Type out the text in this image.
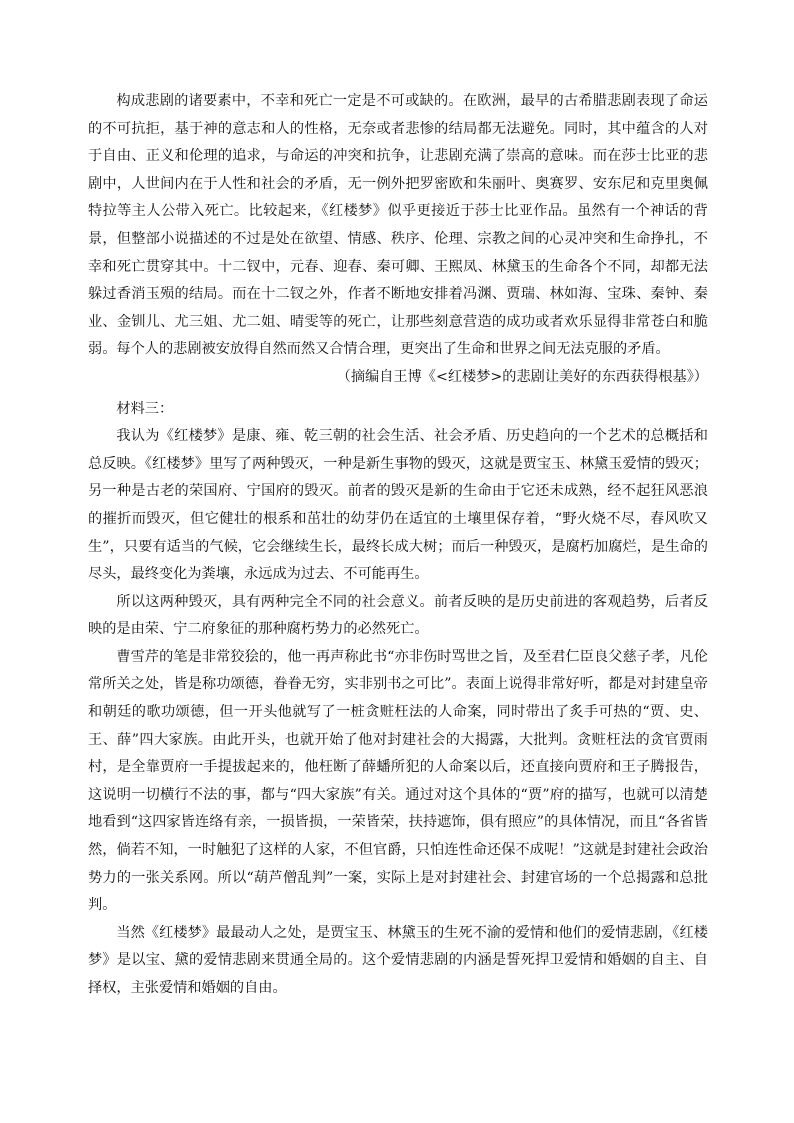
构成悲剧的诸要素中，不幸和死亡一定是不可或缺的。在欧洲，最早的古希腊悲剧表现了命运的不可抗拒，基于神的意志和人的性格，无奈或者悲惨的结局都无法避免。同时，其中蕴含的人对于自由、正义和伦理的追求，与命运的冲突和抗争，让悲剧充满了崇高的意味。而在莎士比亚的悲剧中，人世间内在于人性和社会的矛盾，无一例外把罗密欧和朱丽叶、奥赛罗、安东尼和克里奥佩特拉等主人公带入死亡。比较起来，《红楼梦》似乎更接近于莎士比亚作品。虽然有一个神话的背景，但整部小说描述的不过是处在欲望、情感、秩序、伦理、宗教之间的心灵冲突和生命挣扎，不幸和死亡贯穿其中。十二钗中，元春、迎春、秦可卿、王熙凤、林黛玉的生命各个不同，却都无法躲过香消玉殒的结局。而在十二钗之外，作者不断地安排着冯渊、贾瑞、林如海、宝珠、秦钟、秦业、金钏儿、尤三姐、尤二姐、晴雯等的死亡，让那些刻意营造的成功或者欢乐显得非常苍白和脆弱。每个人的悲剧被安放得自然而然又合情合理，更突出了生命和世界之间无法克服的矛盾。

（摘编自王博《<红楼梦>的悲剧让美好的东西获得根基》）

材料三：

我认为《红楼梦》是康、雍、乾三朝的社会生活、社会矛盾、历史趋向的一个艺术的总概括和总反映。《红楼梦》里写了两种毁灭，一种是新生事物的毁灭，这就是贾宝玉、林黛玉爱情的毁灭；另一种是古老的荣国府、宁国府的毁灭。前者的毁灭是新的生命由于它还未成熟，经不起狂风恶浪的摧折而毁灭，但它健壮的根系和茁壮的幼芽仍在适宜的土壤里保存着，“野火烧不尽，春风吹又生”，只要有适当的气候，它会继续生长，最终长成大树；而后一种毁灭，是腐朽加腐烂，是生命的尽头，最终变化为粪壤，永远成为过去、不可能再生。

所以这两种毁灭，具有两种完全不同的社会意义。前者反映的是历史前进的客观趋势，后者反映的是由荣、宁二府象征的那种腐朽势力的必然死亡。

曹雪芹的笔是非常狡狯的，他一再声称此书“亦非伤时骂世之旨，及至君仁臣良父慈子孝，凡伦常所关之处，皆是称功颂德，眷眷无穷，实非别书之可比”。表面上说得非常好听，都是对封建皇帝和朝廷的歌功颂德，但一开头他就写了一桩贪赃枉法的人命案，同时带出了炙手可热的“贾、史、王、薛”四大家族。由此开头，也就开始了他对封建社会的大揭露，大批判。贪赃枉法的贪官贾雨村，是全靠贾府一手提拔起来的，他枉断了薛蟠所犯的人命案以后，还直接向贾府和王子腾报告，这说明一切横行不法的事，都与“四大家族”有关。通过对这个具体的“贾”府的描写，也就可以清楚地看到“这四家皆连络有亲，一损皆损，一荣皆荣，扶持遮饰，俱有照应”的具体情况，而且“各省皆然，倘若不知，一时触犯了这样的人家，不但官爵，只怕连性命还保不成呢！”这就是封建社会政治势力的一张关系网。所以“葫芦僧乱判”一案，实际上是对封建社会、封建官场的一个总揭露和总批判。

当然《红楼梦》最最动人之处，是贾宝玉、林黛玉的生死不渝的爱情和他们的爱情悲剧，《红楼梦》是以宝、黛的爱情悲剧来贯通全局的。这个爱情悲剧的内涵是誓死捍卫爱情和婚姻的自主、自择权，主张爱情和婚姻的自由。
